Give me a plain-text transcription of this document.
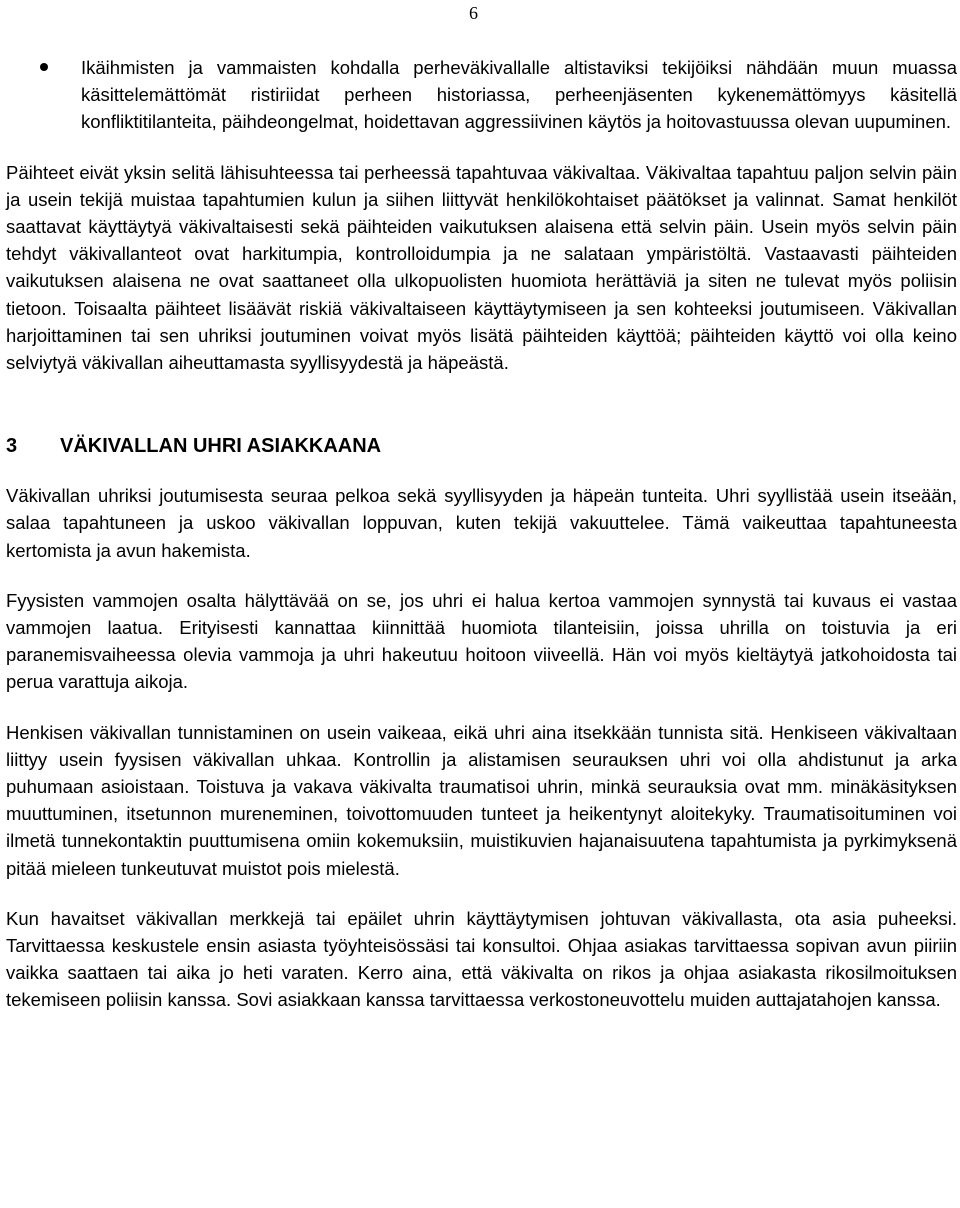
6

Ikäihmisten ja vammaisten kohdalla perheväkivallalle altistaviksi tekijöiksi nähdään muun muassa käsittelemättömät ristiriidat perheen historiassa, perheenjäsenten kykenemättömyys käsitellä konfliktitilanteita, päihdeongelmat, hoidettavan aggressiivinen käytös ja hoitovastuussa olevan uupuminen.

Päihteet eivät yksin selitä lähisuhteessa tai perheessä tapahtuvaa väkivaltaa. Väkivaltaa tapahtuu paljon selvin päin ja usein tekijä muistaa tapahtumien kulun ja siihen liittyvät henkilökohtaiset päätökset ja valinnat. Samat henkilöt saattavat käyttäytyä väkivaltaisesti sekä päihteiden vaikutuksen alaisena että selvin päin. Usein myös selvin päin tehdyt väkivallanteot ovat harkitumpia, kontrolloidumpia ja ne salataan ympäristöltä. Vastaavasti päihteiden vaikutuksen alaisena ne ovat saattaneet olla ulkopuolisten huomiota herättäviä ja siten ne tulevat myös poliisin tietoon. Toisaalta päihteet lisäävät riskiä väkivaltaiseen käyttäytymiseen ja sen kohteeksi joutumiseen. Väkivallan harjoittaminen tai sen uhriksi joutuminen voivat myös lisätä päihteiden käyttöä; päihteiden käyttö voi olla keino selviytyä väkivallan aiheuttamasta syyllisyydestä ja häpeästä.

3 VÄKIVALLAN UHRI ASIAKKAANA

Väkivallan uhriksi joutumisesta seuraa pelkoa sekä syyllisyyden ja häpeän tunteita. Uhri syyllistää usein itseään, salaa tapahtuneen ja uskoo väkivallan loppuvan, kuten tekijä vakuuttelee. Tämä vaikeuttaa tapahtuneesta kertomista ja avun hakemista.

Fyysisten vammojen osalta hälyttävää on se, jos uhri ei halua kertoa vammojen synnystä tai kuvaus ei vastaa vammojen laatua. Erityisesti kannattaa kiinnittää huomiota tilanteisiin, joissa uhrilla on toistuvia ja eri paranemisvaiheessa olevia vammoja ja uhri hakeutuu hoitoon viiveellä. Hän voi myös kieltäytyä jatkohoidosta tai perua varattuja aikoja.

Henkisen väkivallan tunnistaminen on usein vaikeaa, eikä uhri aina itsekkään tunnista sitä. Henkiseen väkivaltaan liittyy usein fyysisen väkivallan uhkaa. Kontrollin ja alistamisen seurauksen uhri voi olla ahdistunut ja arka puhumaan asioistaan. Toistuva ja vakava väkivalta traumatisoi uhrin, minkä seurauksia ovat mm. minäkäsityksen muuttuminen, itsetunnon mureneminen, toivottomuuden tunteet ja heikentynyt aloitekyky. Traumatisoituminen voi ilmetä tunnekontaktin puuttumisena omiin kokemuksiin, muistikuvien hajanaisuutena tapahtumista ja pyrkimyksenä pitää mieleen tunkeutuvat muistot pois mielestä.

Kun havaitset väkivallan merkkejä tai epäilet uhrin käyttäytymisen johtuvan väkivallasta, ota asia puheeksi. Tarvittaessa keskustele ensin asiasta työyhteisössäsi tai konsultoi. Ohjaa asiakas tarvittaessa sopivan avun piiriin vaikka saattaen tai aika jo heti varaten. Kerro aina, että väkivalta on rikos ja ohjaa asiakasta rikosilmoituksen tekemiseen poliisin kanssa. Sovi asiakkaan kanssa tarvittaessa verkostoneuvottelu muiden auttajatahojen kanssa.
